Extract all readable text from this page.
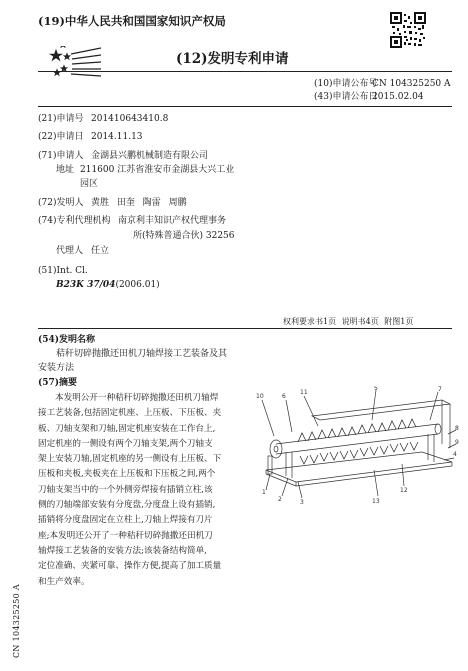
(19)中华人民共和国国家知识产权局
(12)发明专利申请
(10)申请公布号
CN 104325250 A
(43)申请公布日
2015.02.04
(21)申请号 201410643410.8
(22)申请日 2014.11.13
(71)申请人 金湖县兴鹏机械制造有限公司
地址 211600 江苏省淮安市金湖县大兴工业
园区
(72)发明人 黄胜 田奎 陶雷 周鹏
(74)专利代理机构 南京利丰知识产权代理事务
所(特殊普通合伙) 32256
代理人 任立
(51)Int. Cl.
B23K 37/04(2006.01)
权利要求书1页 说明书4页 附图1页
(54)发明名称
秸秆切碎抛撒还田机刀轴焊接工艺装备及其
安装方法
(57)摘要
本发明公开一种秸秆切碎抛撒还田机刀轴焊
接工艺装备,包括固定机座、上压板、下压板、夹
板、刀轴支架和刀轴,固定机座安装在工作台上,
固定机座的一侧设有两个刀轴支架,两个刀轴支
架上安装刀轴,固定机座的另一侧设有上压板、下
压板和夹板,夹板夹在上压板和下压板之间,两个
刀轴支架当中的一个外侧旁焊接有插销立柱,该
侧的刀轴端部安装有分度盘,分度盘上设有插销,
插销将分度盘固定在立柱上,刀轴上焊接有刀片
座;本发明还公开了一种秸秆切碎抛撒还田机刀
轴焊接工艺装备的安装方法;该装备结构简单,
定位准确、夹紧可靠、操作方便,提高了加工质量
和生产效率。
10	6
11
5	7
8
9
1
2	3
4
12
13
CN 104325250 A
